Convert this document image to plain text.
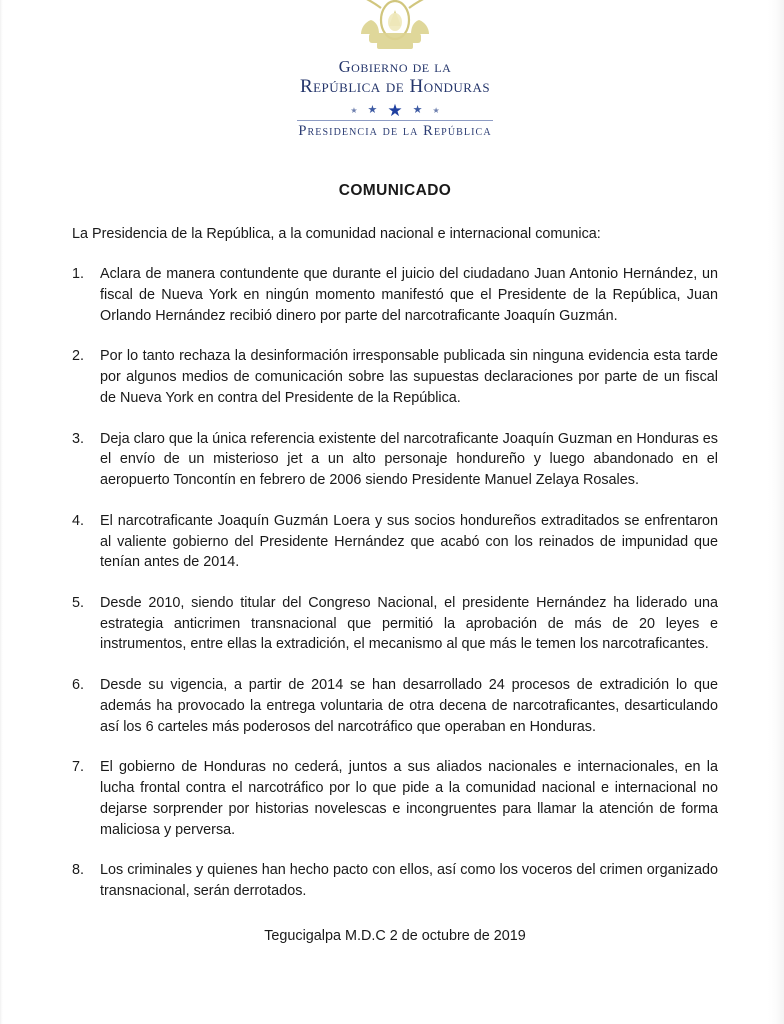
Gobierno de la
República de Honduras
★ ★ ★ ★ ★
Presidencia de la República
COMUNICADO

La Presidencia de la República, a la comunidad nacional e internacional comunica:

1.	Aclara de manera contundente que durante el juicio del ciudadano Juan Antonio Hernández, un fiscal de Nueva York en ningún momento manifestó que el Presidente de la República, Juan Orlando Hernández recibió dinero por parte del narcotraficante Joaquín Guzmán.
2.	Por lo tanto rechaza la desinformación irresponsable publicada sin ninguna evidencia esta tarde por algunos medios de comunicación sobre las supuestas declaraciones por parte de un fiscal de Nueva York en contra del Presidente de la República.
3.	Deja claro que la única referencia existente del narcotraficante Joaquín Guzman en Honduras es el envío de un misterioso jet a un alto personaje hondureño y luego abandonado en el aeropuerto Toncontín en febrero de 2006 siendo Presidente Manuel Zelaya Rosales.
4.	El narcotraficante Joaquín Guzmán Loera y sus socios hondureños extraditados se enfrentaron al valiente gobierno del Presidente Hernández que acabó con los reinados de impunidad que tenían antes de 2014.
5.	Desde 2010, siendo titular del Congreso Nacional, el presidente Hernández ha liderado una estrategia anticrimen transnacional que permitió la aprobación de más de 20 leyes e instrumentos, entre ellas la extradición, el mecanismo al que más le temen los narcotraficantes.
6.	Desde su vigencia, a partir de 2014 se han desarrollado 24 procesos de extradición lo que además ha provocado la entrega voluntaria de otra decena de narcotraficantes, desarticulando así los 6 carteles más poderosos del narcotráfico que operaban en Honduras.
7.	El gobierno de Honduras no cederá, juntos a sus aliados nacionales e internacionales, en la lucha frontal contra el narcotráfico por lo que pide a la comunidad nacional e internacional no dejarse sorprender por historias novelescas e incongruentes para llamar la atención de forma maliciosa y perversa.
8.	Los criminales y quienes han hecho pacto con ellos, así como los voceros del crimen organizado transnacional, serán derrotados.
Tegucigalpa M.D.C 2 de octubre de 2019
